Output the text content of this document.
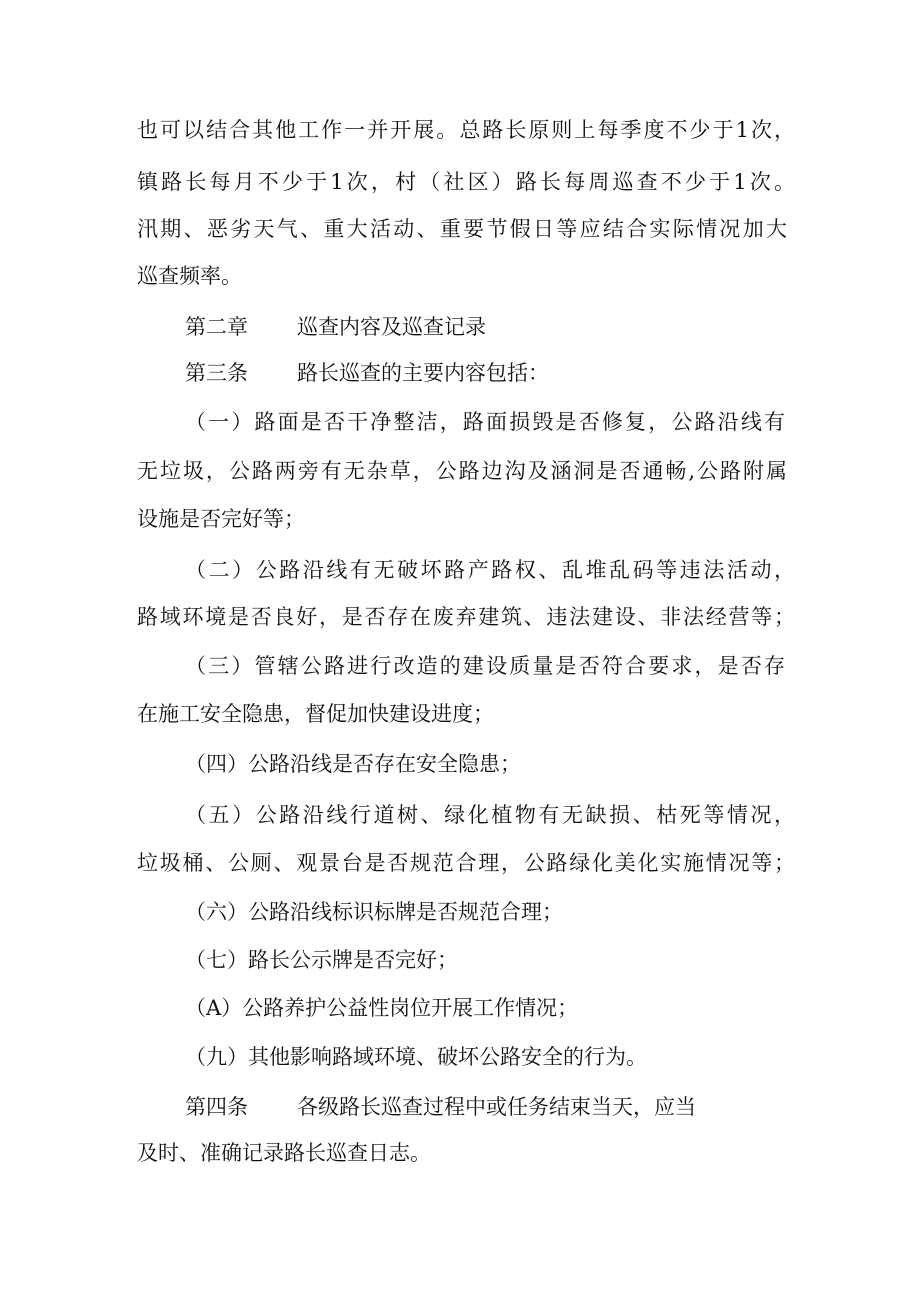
也可以结合其他工作一并开展。总路长原则上每季度不少于1次，
镇路长每月不少于1次，村（社区）路长每周巡查不少于1次。
汛期、恶劣天气、重大活动、重要节假日等应结合实际情况加大
巡查频率。
第二章 巡查内容及巡查记录
第三条 路长巡查的主要内容包括：
（一）路面是否干净整洁，路面损毁是否修复，公路沿线有
无垃圾，公路两旁有无杂草，公路边沟及涵洞是否通畅,公路附属
设施是否完好等；
（二）公路沿线有无破坏路产路权、乱堆乱码等违法活动，
路域环境是否良好，是否存在废弃建筑、违法建设、非法经营等；
（三）管辖公路进行改造的建设质量是否符合要求，是否存
在施工安全隐患，督促加快建设进度；
（四）公路沿线是否存在安全隐患；
（五）公路沿线行道树、绿化植物有无缺损、枯死等情况，
垃圾桶、公厕、观景台是否规范合理，公路绿化美化实施情况等；
（六）公路沿线标识标牌是否规范合理；
（七）路长公示牌是否完好；
（A）公路养护公益性岗位开展工作情况；
（九）其他影响路域环境、破坏公路安全的行为。
第四条 各级路长巡查过程中或任务结束当天，应当
及时、准确记录路长巡查日志。
